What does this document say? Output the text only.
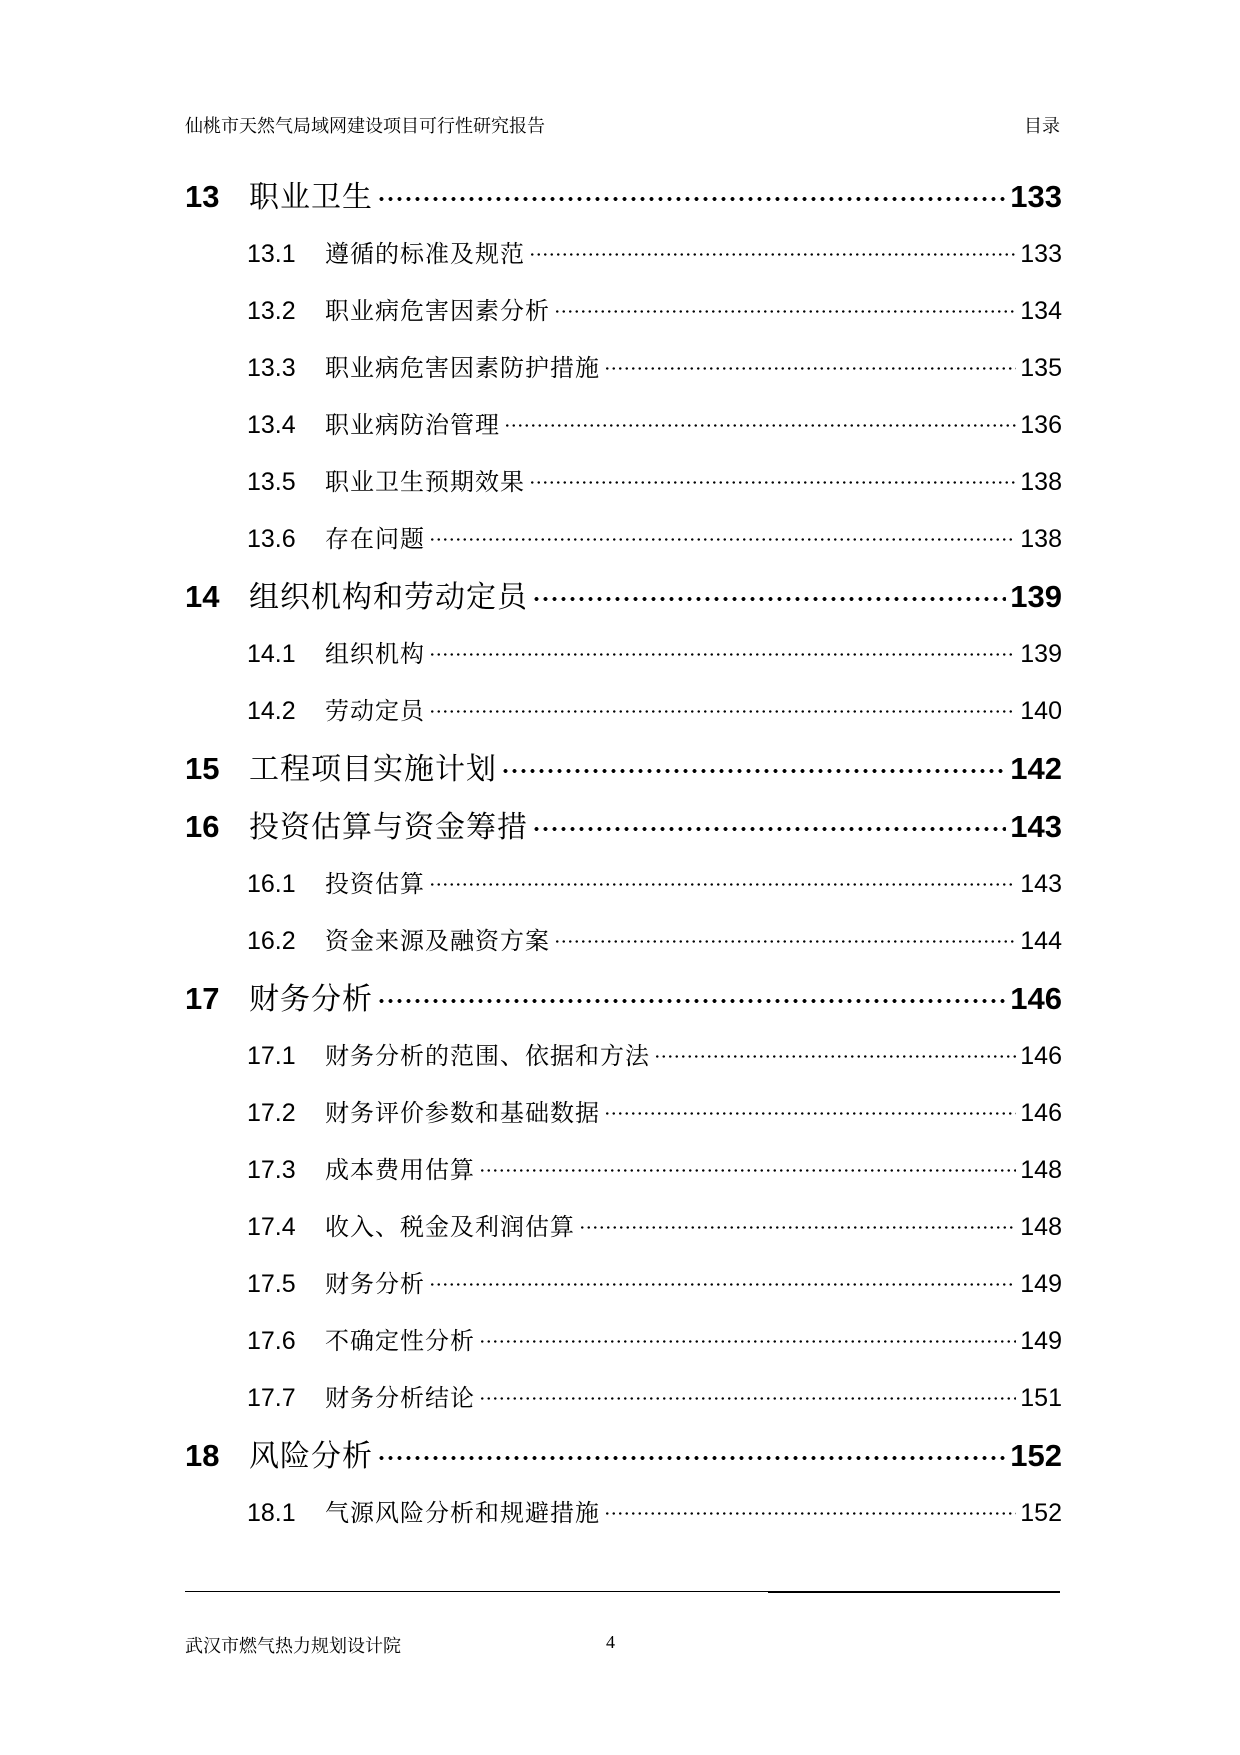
仙桃市天然气局域网建设项目可行性研究报告	目录
13 职业卫生	133
13.1	遵循的标准及规范	133
13.2	职业病危害因素分析	134
13.3	职业病危害因素防护措施	135
13.4	职业病防治管理	136
13.5	职业卫生预期效果	138
13.6	存在问题	138
14 组织机构和劳动定员	139
14.1	组织机构	139
14.2	劳动定员	140
15 工程项目实施计划	142
16 投资估算与资金筹措	143
16.1	投资估算	143
16.2	资金来源及融资方案	144
17 财务分析	146
17.1	财务分析的范围、依据和方法	146
17.2	财务评价参数和基础数据	146
17.3	成本费用估算	148
17.4	收入、税金及利润估算	148
17.5	财务分析	149
17.6	不确定性分析	149
17.7	财务分析结论	151
18 风险分析	152
18.1	气源风险分析和规避措施	152
武汉市燃气热力规划设计院	4
